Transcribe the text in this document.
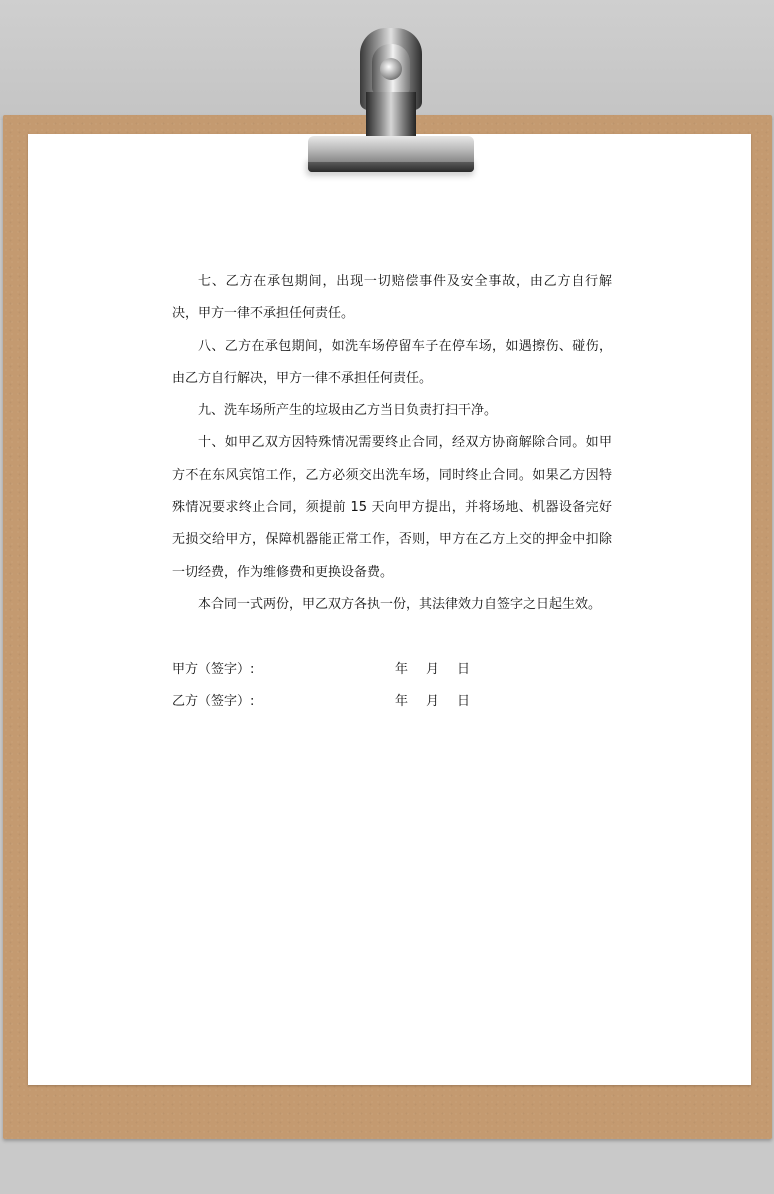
七、乙方在承包期间，出现一切赔偿事件及安全事故，由乙方自行解决，甲方一律不承担任何责任。

八、乙方在承包期间，如洗车场停留车子在停车场，如遇擦伤、碰伤，由乙方自行解决，甲方一律不承担任何责任。

九、洗车场所产生的垃圾由乙方当日负责打扫干净。

十、如甲乙双方因特殊情况需要终止合同，经双方协商解除合同。如甲方不在东风宾馆工作，乙方必须交出洗车场，同时终止合同。如果乙方因特殊情况要求终止合同，须提前 15 天向甲方提出，并将场地、机器设备完好无损交给甲方，保障机器能正常工作，否则，甲方在乙方上交的押金中扣除一切经费，作为维修费和更换设备费。

本合同一式两份，甲乙双方各执一份，其法律效力自签字之日起生效。

甲方（签字）:	年 月 日
乙方（签字）:	年 月 日
